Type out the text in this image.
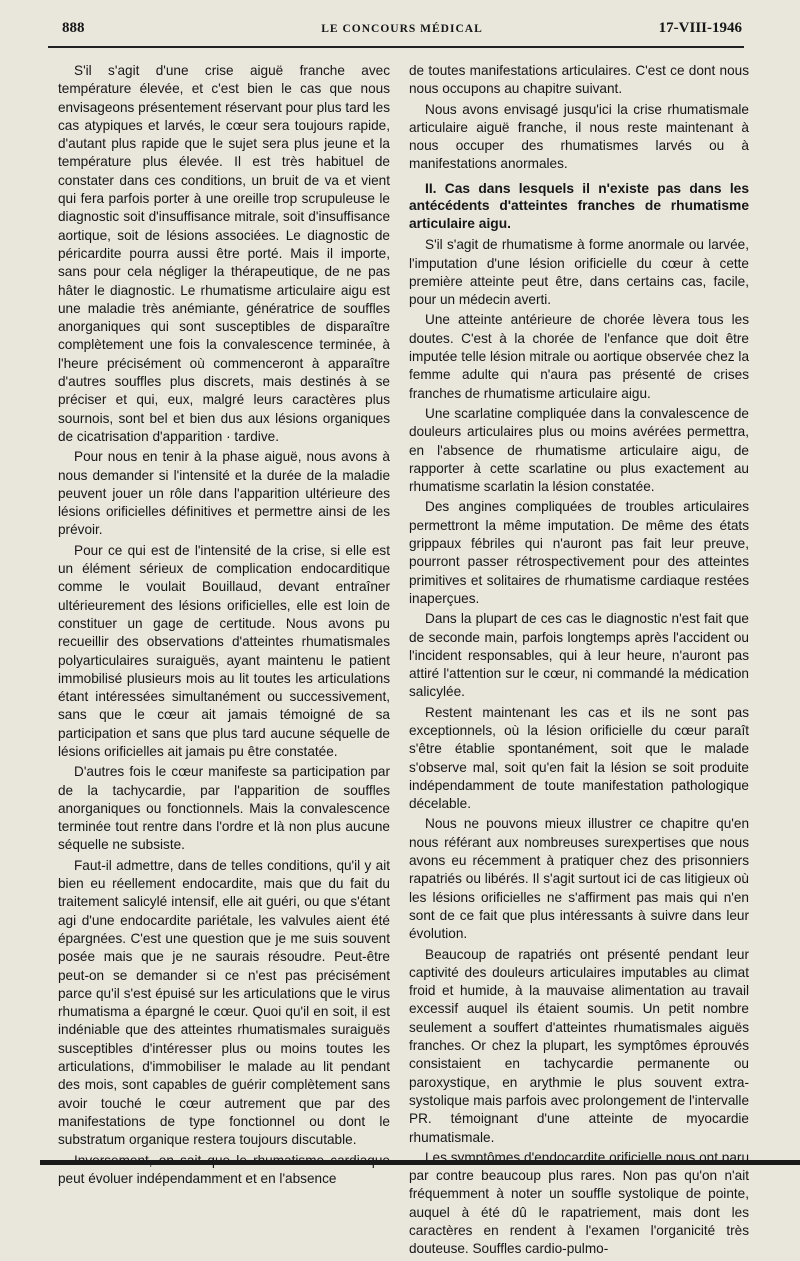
888	LE CONCOURS MÉDICAL	17-VIII-1946

S'il s'agit d'une crise aiguë franche avec température élevée, et c'est bien le cas que nous envisageons présentement réservant pour plus tard les cas atypiques et larvés, le cœur sera toujours rapide, d'autant plus rapide que le sujet sera plus jeune et la température plus élevée. Il est très habituel de constater dans ces conditions, un bruit de va et vient qui fera parfois porter à une oreille trop scrupuleuse le diagnostic soit d'insuffisance mitrale, soit d'insuffisance aortique, soit de lésions associées. Le diagnostic de péricardite pourra aussi être porté. Mais il importe, sans pour cela négliger la thérapeutique, de ne pas hâter le diagnostic. Le rhumatisme articulaire aigu est une maladie très anémiante, génératrice de souffles anorganiques qui sont susceptibles de disparaître complètement une fois la convalescence terminée, à l'heure précisément où commenceront à apparaître d'autres souffles plus discrets, mais destinés à se préciser et qui, eux, malgré leurs caractères plus sournois, sont bel et bien dus aux lésions organiques de cicatrisation d'apparition · tardive.

Pour nous en tenir à la phase aiguë, nous avons à nous demander si l'intensité et la durée de la maladie peuvent jouer un rôle dans l'apparition ultérieure des lésions orificielles définitives et permettre ainsi de les prévoir.

Pour ce qui est de l'intensité de la crise, si elle est un élément sérieux de complication endocarditique comme le voulait Bouillaud, devant entraîner ultérieurement des lésions orificielles, elle est loin de constituer un gage de certitude. Nous avons pu recueillir des observations d'atteintes rhumatismales polyarticulaires suraiguës, ayant maintenu le patient immobilisé plusieurs mois au lit toutes les articulations étant intéressées simultanément ou successivement, sans que le cœur ait jamais témoigné de sa participation et sans que plus tard aucune séquelle de lésions orificielles ait jamais pu être constatée.

D'autres fois le cœur manifeste sa participation par de la tachycardie, par l'apparition de souffles anorganiques ou fonctionnels. Mais la convalescence terminée tout rentre dans l'ordre et là non plus aucune séquelle ne subsiste.

Faut-il admettre, dans de telles conditions, qu'il y ait bien eu réellement endocardite, mais que du fait du traitement salicylé intensif, elle ait guéri, ou que s'étant agi d'une endocardite pariétale, les valvules aient été épargnées. C'est une question que je me suis souvent posée mais que je ne saurais résoudre. Peut-être peut-on se demander si ce n'est pas précisément parce qu'il s'est épuisé sur les articulations que le virus rhumatisma a épargné le cœur. Quoi qu'il en soit, il est indéniable que des atteintes rhumatismales suraiguës susceptibles d'intéresser plus ou moins toutes les articulations, d'immobiliser le malade au lit pendant des mois, sont capables de guérir complètement sans avoir touché le cœur autrement que par des manifestations de type fonctionnel ou dont le substratum organique restera toujours discutable.

Inversement, on sait que le rhumatisme cardiaque peut évoluer indépendamment et en l'absence

de toutes manifestations articulaires. C'est ce dont nous nous occupons au chapitre suivant.

Nous avons envisagé jusqu'ici la crise rhumatismale articulaire aiguë franche, il nous reste maintenant à nous occuper des rhumatismes larvés ou à manifestations anormales.

II. Cas dans lesquels il n'existe pas dans les antécédents d'atteintes franches de rhumatisme articulaire aigu.

S'il s'agit de rhumatisme à forme anormale ou larvée, l'imputation d'une lésion orificielle du cœur à cette première atteinte peut être, dans certains cas, facile, pour un médecin averti.

Une atteinte antérieure de chorée lèvera tous les doutes. C'est à la chorée de l'enfance que doit être imputée telle lésion mitrale ou aortique observée chez la femme adulte qui n'aura pas présenté de crises franches de rhumatisme articulaire aigu.

Une scarlatine compliquée dans la convalescence de douleurs articulaires plus ou moins avérées permettra, en l'absence de rhumatisme articulaire aigu, de rapporter à cette scarlatine ou plus exactement au rhumatisme scarlatin la lésion constatée.

Des angines compliquées de troubles articulaires permettront la même imputation. De même des états grippaux fébriles qui n'auront pas fait leur preuve, pourront passer rétrospectivement pour des atteintes primitives et solitaires de rhumatisme cardiaque restées inaperçues.

Dans la plupart de ces cas le diagnostic n'est fait que de seconde main, parfois longtemps après l'accident ou l'incident responsables, qui à leur heure, n'auront pas attiré l'attention sur le cœur, ni commandé la médication salicylée.

Restent maintenant les cas et ils ne sont pas exceptionnels, où la lésion orificielle du cœur paraît s'être établie spontanément, soit que le malade s'observe mal, soit qu'en fait la lésion se soit produite indépendamment de toute manifestation pathologique décelable.

Nous ne pouvons mieux illustrer ce chapitre qu'en nous référant aux nombreuses surexpertises que nous avons eu récemment à pratiquer chez des prisonniers rapatriés ou libérés. Il s'agit surtout ici de cas litigieux où les lésions orificielles ne s'affirment pas mais qui n'en sont de ce fait que plus intéressants à suivre dans leur évolution.

Beaucoup de rapatriés ont présenté pendant leur captivité des douleurs articulaires imputables au climat froid et humide, à la mauvaise alimentation au travail excessif auquel ils étaient soumis. Un petit nombre seulement a souffert d'atteintes rhumatismales aiguës franches. Or chez la plupart, les symptômes éprouvés consistaient en tachycardie permanente ou paroxystique, en arythmie le plus souvent extra-systolique mais parfois avec prolongement de l'intervalle PR. témoignant d'une atteinte de myocardie rhumatismale.

Les symptômes d'endocardite orificielle nous ont paru par contre beaucoup plus rares. Non pas qu'on n'ait fréquemment à noter un souffle systolique de pointe, auquel à été dû le rapatriement, mais dont les caractères en rendent à l'examen l'organicité très douteuse. Souffles cardio-pulmo-
